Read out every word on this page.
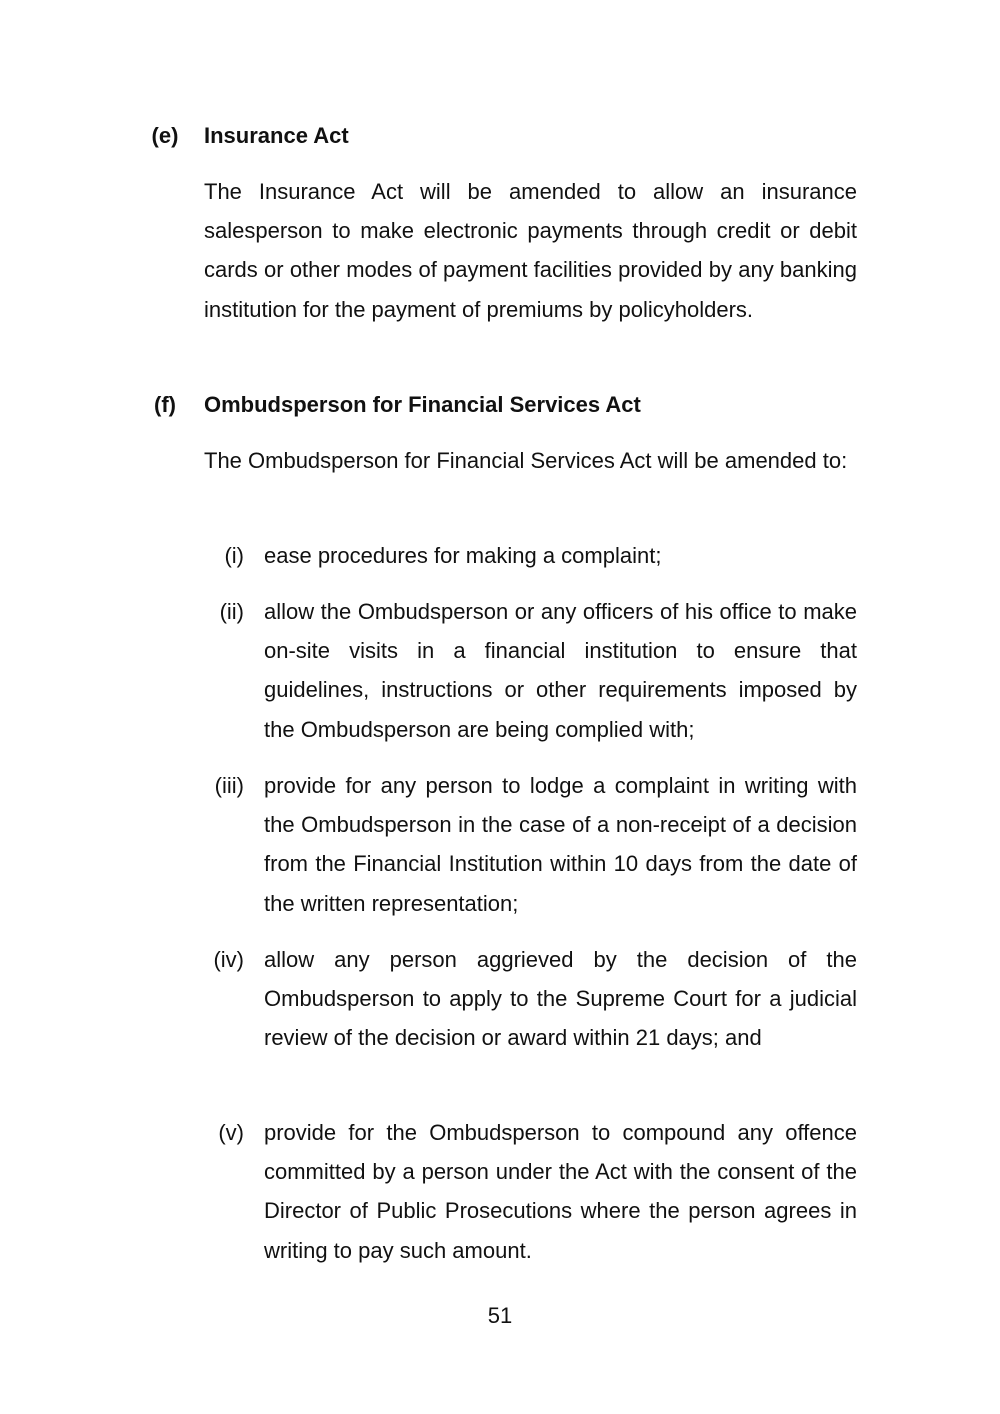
(e)	Insurance Act
The Insurance Act will be amended to allow an insurance salesperson to make electronic payments through credit or debit cards or other modes of payment facilities provided by any banking institution for the payment of premiums by policyholders.
(f)	Ombudsperson for Financial Services Act
The Ombudsperson for Financial Services Act will be amended to:
(i) ease procedures for making a complaint;
(ii) allow the Ombudsperson or any officers of his office to make on-site visits in a financial institution to ensure that guidelines, instructions or other requirements imposed by the Ombudsperson are being complied with;
(iii) provide for any person to lodge a complaint in writing with the Ombudsperson in the case of a non-receipt of a decision from the Financial Institution within 10 days from the date of the written representation;
(iv) allow any person aggrieved by the decision of the Ombudsperson to apply to the Supreme Court for a judicial review of the decision or award within 21 days; and
(v) provide for the Ombudsperson to compound any offence committed by a person under the Act with the consent of the Director of Public Prosecutions where the person agrees in writing to pay such amount.
51
